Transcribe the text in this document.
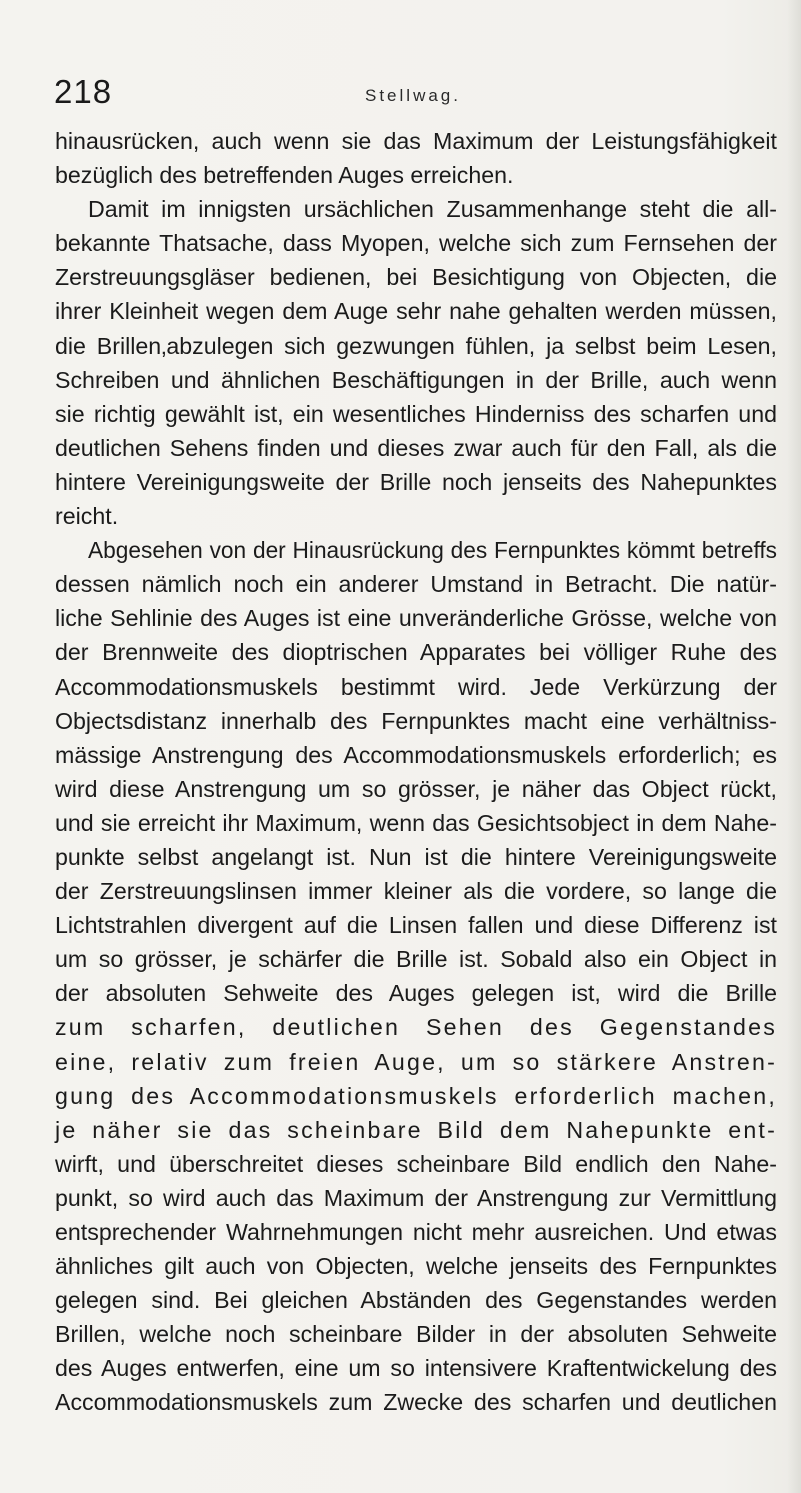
218	Stellwag.
hinausrücken, auch wenn sie das Maximum der Leistungsfähigkeit
bezüglich des betreffenden Auges erreichen.
Damit im innigsten ursächlichen Zusammenhange steht die all-
bekannte Thatsache, dass Myopen, welche sich zum Fernsehen der
Zerstreuungsgläser bedienen, bei Besichtigung von Objecten, die
ihrer Kleinheit wegen dem Auge sehr nahe gehalten werden müssen,
die Brillen‚abzulegen sich gezwungen fühlen, ja selbst beim Lesen,
Schreiben und ähnlichen Beschäftigungen in der Brille, auch wenn
sie richtig gewählt ist, ein wesentliches Hinderniss des scharfen und
deutlichen Sehens finden und dieses zwar auch für den Fall, als die
hintere Vereinigungsweite der Brille noch jenseits des Nahepunktes
reicht.
Abgesehen von der Hinausrückung des Fernpunktes kömmt betreffs
dessen nämlich noch ein anderer Umstand in Betracht. Die natür-
liche Sehlinie des Auges ist eine unveränderliche Grösse, welche von
der Brennweite des dioptrischen Apparates bei völliger Ruhe des
Accommodationsmuskels bestimmt wird. Jede Verkürzung der
Objectsdistanz innerhalb des Fernpunktes macht eine verhältniss-
mässige Anstrengung des Accommodationsmuskels erforderlich; es
wird diese Anstrengung um so grösser, je näher das Object rückt,
und sie erreicht ihr Maximum, wenn das Gesichtsobject in dem Nahe-
punkte selbst angelangt ist. Nun ist die hintere Vereinigungsweite
der Zerstreuungslinsen immer kleiner als die vordere, so lange die
Lichtstrahlen divergent auf die Linsen fallen und diese Differenz ist
um so grösser, je schärfer die Brille ist. Sobald also ein Object in
der absoluten Sehweite des Auges gelegen ist, wird die Brille
zum scharfen, deutlichen Sehen des Gegenstandes
eine, relativ zum freien Auge, um so stärkere Anstren-
gung des Accommodationsmuskels erforderlich machen,
je näher sie das scheinbare Bild dem Nahepunkte ent-
wirft, und überschreitet dieses scheinbare Bild endlich den Nahe-
punkt, so wird auch das Maximum der Anstrengung zur Vermittlung
entsprechender Wahrnehmungen nicht mehr ausreichen. Und etwas
ähnliches gilt auch von Objecten, welche jenseits des Fernpunktes
gelegen sind. Bei gleichen Abständen des Gegenstandes werden
Brillen, welche noch scheinbare Bilder in der absoluten Sehweite
des Auges entwerfen, eine um so intensivere Kraftentwickelung des
Accommodationsmuskels zum Zwecke des scharfen und deutlichen
